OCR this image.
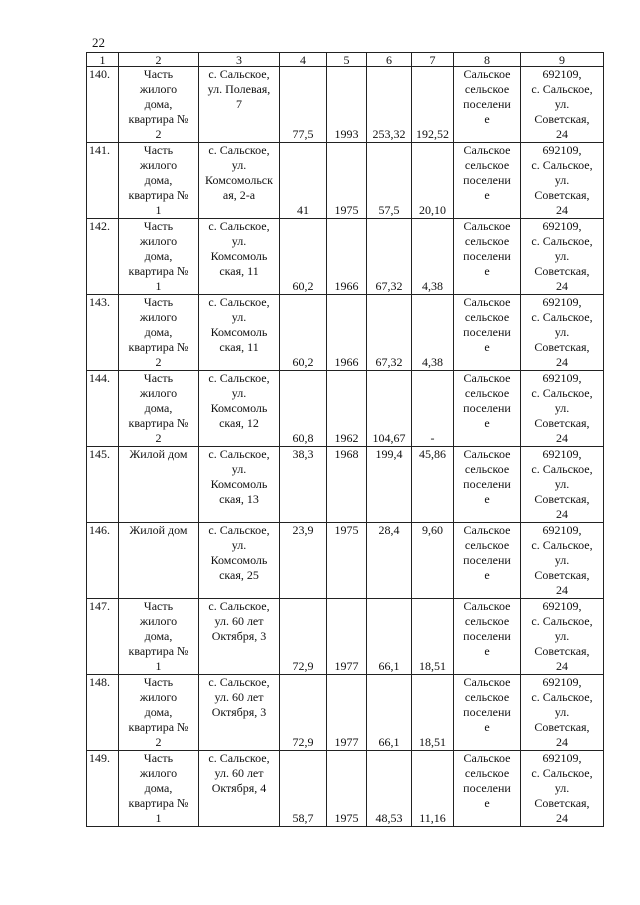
22
1	2	3	4	5	6	7	8	9
140.	Часть
жилого
дома,
квартира №
2	с. Сальское,
ул. Полевая,
7	77,5	1993	253,32	192,52	Сальское
сельское
поселени
е	692109,
с. Сальское,
ул.
Советская,
24
141.	Часть
жилого
дома,
квартира №
1	с. Сальское,
ул.
Комсомольск
ая, 2-а	41	1975	57,5	20,10	Сальское
сельское
поселени
е	692109,
с. Сальское,
ул.
Советская,
24
142.	Часть
жилого
дома,
квартира №
1	с. Сальское,
ул.
Комсомоль
ская, 11	60,2	1966	67,32	4,38	Сальское
сельское
поселени
е	692109,
с. Сальское,
ул.
Советская,
24
143.	Часть
жилого
дома,
квартира №
2	с. Сальское,
ул.
Комсомоль
ская, 11	60,2	1966	67,32	4,38	Сальское
сельское
поселени
е	692109,
с. Сальское,
ул.
Советская,
24
144.	Часть
жилого
дома,
квартира №
2	с. Сальское,
ул.
Комсомоль
ская, 12	60,8	1962	104,67	-	Сальское
сельское
поселени
е	692109,
с. Сальское,
ул.
Советская,
24
145.	Жилой дом	с. Сальское,
ул.
Комсомоль
ская, 13	38,3	1968	199,4	45,86	Сальское
сельское
поселени
е	692109,
с. Сальское,
ул.
Советская,
24
146.	Жилой дом	с. Сальское,
ул.
Комсомоль
ская, 25	23,9	1975	28,4	9,60	Сальское
сельское
поселени
е	692109,
с. Сальское,
ул.
Советская,
24
147.	Часть
жилого
дома,
квартира №
1	с. Сальское,
ул. 60 лет
Октября, 3	72,9	1977	66,1	18,51	Сальское
сельское
поселени
е	692109,
с. Сальское,
ул.
Советская,
24
148.	Часть
жилого
дома,
квартира №
2	с. Сальское,
ул. 60 лет
Октября, 3	72,9	1977	66,1	18,51	Сальское
сельское
поселени
е	692109,
с. Сальское,
ул.
Советская,
24
149.	Часть
жилого
дома,
квартира №
1	с. Сальское,
ул. 60 лет
Октября, 4	58,7	1975	48,53	11,16	Сальское
сельское
поселени
е	692109,
с. Сальское,
ул.
Советская,
24
